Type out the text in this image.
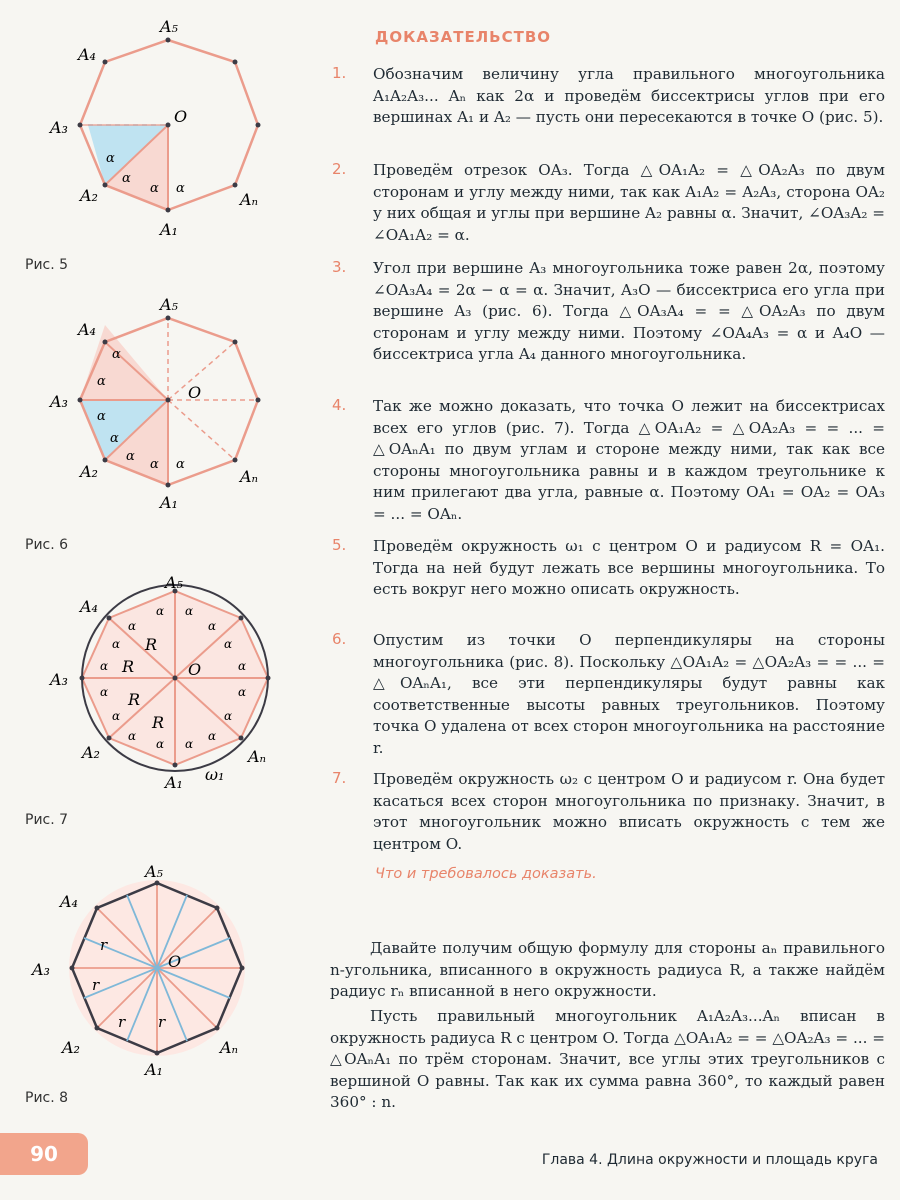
A₁
A₂
A₃
A₄
A₅
Aₙ
O
α α
α
α
Рис. 5
A₁
A₂
A₃
A₄
A₅
Aₙ
O
α
α
α
α
α α
α
Рис. 6
A₁
A₂
A₃
A₄
A₅
Aₙ
O
ω₁
R
R
R
R
α α
α
α
α
α
α
α
α
α
α
α
α
α
α α
Рис. 7
A₁
A₂
A₃
A₄
A₅
Aₙ
O
r
r
r r
Рис. 8
ДОКАЗАТЕЛЬСТВО
1. Обозначим величину угла правильного многоугольника A₁A₂A₃... Aₙ как 2α и проведём биссектрисы углов при его вершинах A₁ и A₂ — пусть они пересекаются в точке O (рис. 5).
2. Проведём отрезок OA₃. Тогда △OA₁A₂ = △OA₂A₃ по двум сторонам и углу между ними, так как A₁A₂ = A₂A₃, сторона OA₂ у них общая и углы при вершине A₂ равны α. Значит, ∠OA₃A₂ = ∠OA₁A₂ = α.
3. Угол при вершине A₃ многоугольника тоже равен 2α, поэтому ∠OA₃A₄ = 2α − α = α. Значит, A₃O — биссектриса его угла при вершине A₃ (рис. 6). Тогда △OA₃A₄ = = △OA₂A₃ по двум сторонам и углу между ними. Поэтому ∠OA₄A₃ = α и A₄O — биссектриса угла A₄ данного многоугольника.
4. Так же можно доказать, что точка O лежит на биссектрисах всех его углов (рис. 7). Тогда △OA₁A₂ = △OA₂A₃ = = ... = △OAₙA₁ по двум углам и стороне между ними, так как все стороны многоугольника равны и в каждом треугольнике к ним прилегают два угла, равные α. Поэтому OA₁ = OA₂ = OA₃ = ... = OAₙ.
5. Проведём окружность ω₁ с центром O и радиусом R = OA₁. Тогда на ней будут лежать все вершины многоугольника. То есть вокруг него можно описать окружность.
6. Опустим из точки O перпендикуляры на стороны многоугольника (рис. 8). Поскольку △OA₁A₂ = △OA₂A₃ = = ... = △OAₙA₁, все эти перпендикуляры будут равны как соответственные высоты равных треугольников. Поэтому точка O удалена от всех сторон многоугольника на расстояние r.
7. Проведём окружность ω₂ с центром O и радиусом r. Она будет касаться всех сторон многоугольника по признаку. Значит, в этот многоугольник можно вписать окружность с тем же центром O.
Что и требовалось доказать.
Давайте получим общую формулу для стороны aₙ правильного n-угольника, вписанного в окружность радиуса R, а также найдём радиус rₙ вписанной в него окружности.
Пусть правильный многоугольник A₁A₂A₃...Aₙ вписан в окружность радиуса R с центром O. Тогда △OA₁A₂ = = △OA₂A₃ = ... = △OAₙA₁ по трём сторонам. Значит, все углы этих треугольников с вершиной O равны. Так как их сумма равна 360°, то каждый равен 360° : n.
90	Глава 4. Длина окружности и площадь круга
